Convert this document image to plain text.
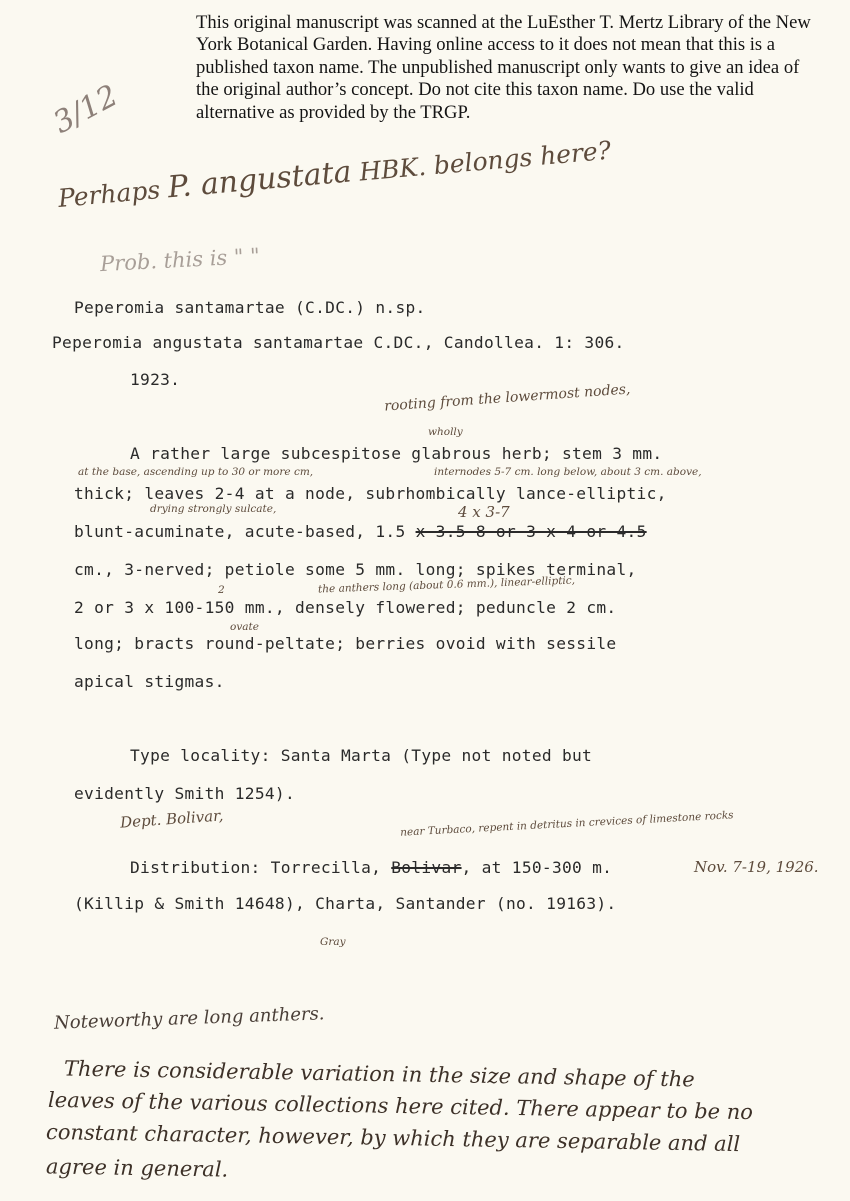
This original manuscript was scanned at the LuEsther T. Mertz Library of the New York Botanical Garden. Having online access to it does not mean that this is a published taxon name. The unpublished manuscript only wants to give an idea of the original author’s concept. Do not cite this taxon name. Do use the valid alternative as provided by the TRGP.
3/12
Perhaps P. angustata HBK. belongs here?
Prob. this is " "
Peperomia santamartae (C.DC.) n.sp.
Peperomia angustata santamartae C.DC., Candollea. 1: 306.
1923.
rooting from the lowermost nodes,
wholly
A rather large subcespitose glabrous herb; stem 3 mm.
at the base, ascending up to 30 or more cm,	internodes 5-7 cm. long below, about 3 cm. above,
thick; leaves 2-4 at a node, subrhombically lance-elliptic,
drying strongly sulcate,	4 x 3-7
blunt-acuminate, acute-based, 1.5 x 3.5-8 or 3 x 4 or 4.5
cm., 3-nerved; petiole some 5 mm. long; spikes terminal,
the anthers long (about 0.6 mm.), linear-elliptic,
2
2 or 3 x 100-150 mm., densely flowered; peduncle 2 cm.
ovate
long; bracts round-peltate; berries ovoid with sessile
apical stigmas.
Type locality: Santa Marta (Type not noted but
evidently Smith 1254).
Dept. Bolivar,	near Turbaco, repent in detritus in crevices of limestone rocks
Distribution: Torrecilla, Bolivar, at 150-300 m.	Nov. 7-19, 1926.
(Killip & Smith 14648), Charta, Santander (no. 19163).
Gray
Noteworthy are long anthers.
There is considerable variation in the size and shape of the
leaves of the various collections here cited. There appear to be no
constant character, however, by which they are separable and all
agree in general.
